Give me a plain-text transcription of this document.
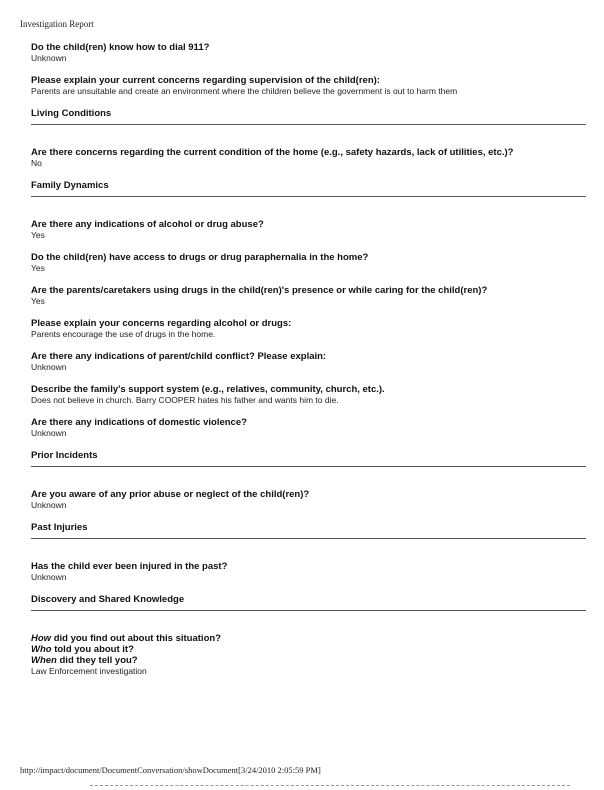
Investigation Report
Do the child(ren) know how to dial 911?
Unknown
Please explain your current concerns regarding supervision of the child(ren):
Parents are unsuitable and create an environment where the children believe the government is out to harm them
Living Conditions
Are there concerns regarding the current condition of the home (e.g., safety hazards, lack of utilities, etc.)?
No
Family Dynamics
Are there any indications of alcohol or drug abuse?
Yes
Do the child(ren) have access to drugs or drug paraphernalia in the home?
Yes
Are the parents/caretakers using drugs in the child(ren)'s presence or while caring for the child(ren)?
Yes
Please explain your concerns regarding alcohol or drugs:
Parents encourage the use of drugs in the home.
Are there any indications of parent/child conflict? Please explain:
Unknown
Describe the family's support system (e.g., relatives, community, church, etc.).
Does not believe in church. Barry COOPER hates his father and wants him to die.
Are there any indications of domestic violence?
Unknown
Prior Incidents
Are you aware of any prior abuse or neglect of the child(ren)?
Unknown
Past Injuries
Has the child ever been injured in the past?
Unknown
Discovery and Shared Knowledge
How did you find out about this situation?
Who told you about it?
When did they tell you?
Law Enforcement investigation
http://impact/document/DocumentConversation/showDocument[3/24/2010 2:05:59 PM]
